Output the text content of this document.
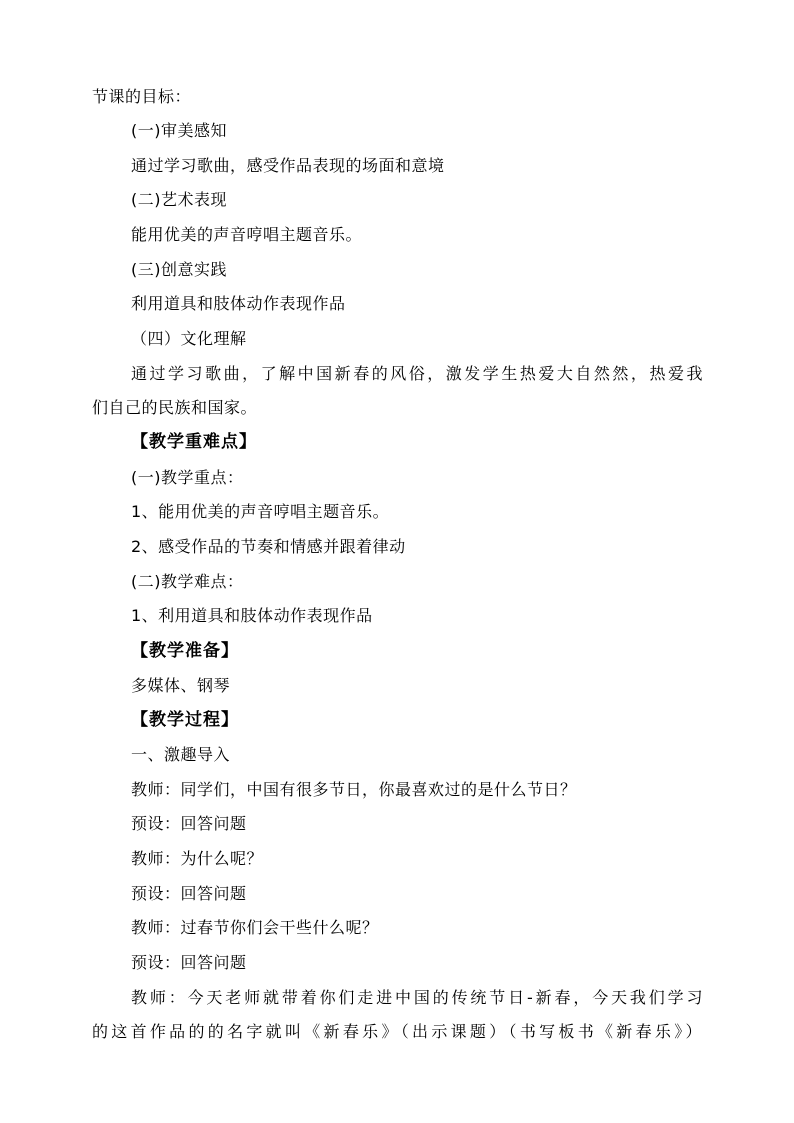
节课的目标：
(一)审美感知
通过学习歌曲，感受作品表现的场面和意境
(二)艺术表现
能用优美的声音哼唱主题音乐。
(三)创意实践
利用道具和肢体动作表现作品
（四）文化理解
通过学习歌曲，了解中国新春的风俗，激发学生热爱大自然然，热爱我
们自己的民族和国家。
【教学重难点】
(一)教学重点：
1、能用优美的声音哼唱主题音乐。
2、感受作品的节奏和情感并跟着律动
(二)教学难点：
1、利用道具和肢体动作表现作品
【教学准备】
多媒体、钢琴
【教学过程】
一、激趣导入
教师：同学们，中国有很多节日，你最喜欢过的是什么节日？
预设：回答问题
教师：为什么呢？
预设：回答问题
教师：过春节你们会干些什么呢？
预设：回答问题
教师：今天老师就带着你们走进中国的传统节日-新春，今天我们学习
的这首作品的的名字就叫《新春乐》（出示课题）（书写板书《新春乐》）
